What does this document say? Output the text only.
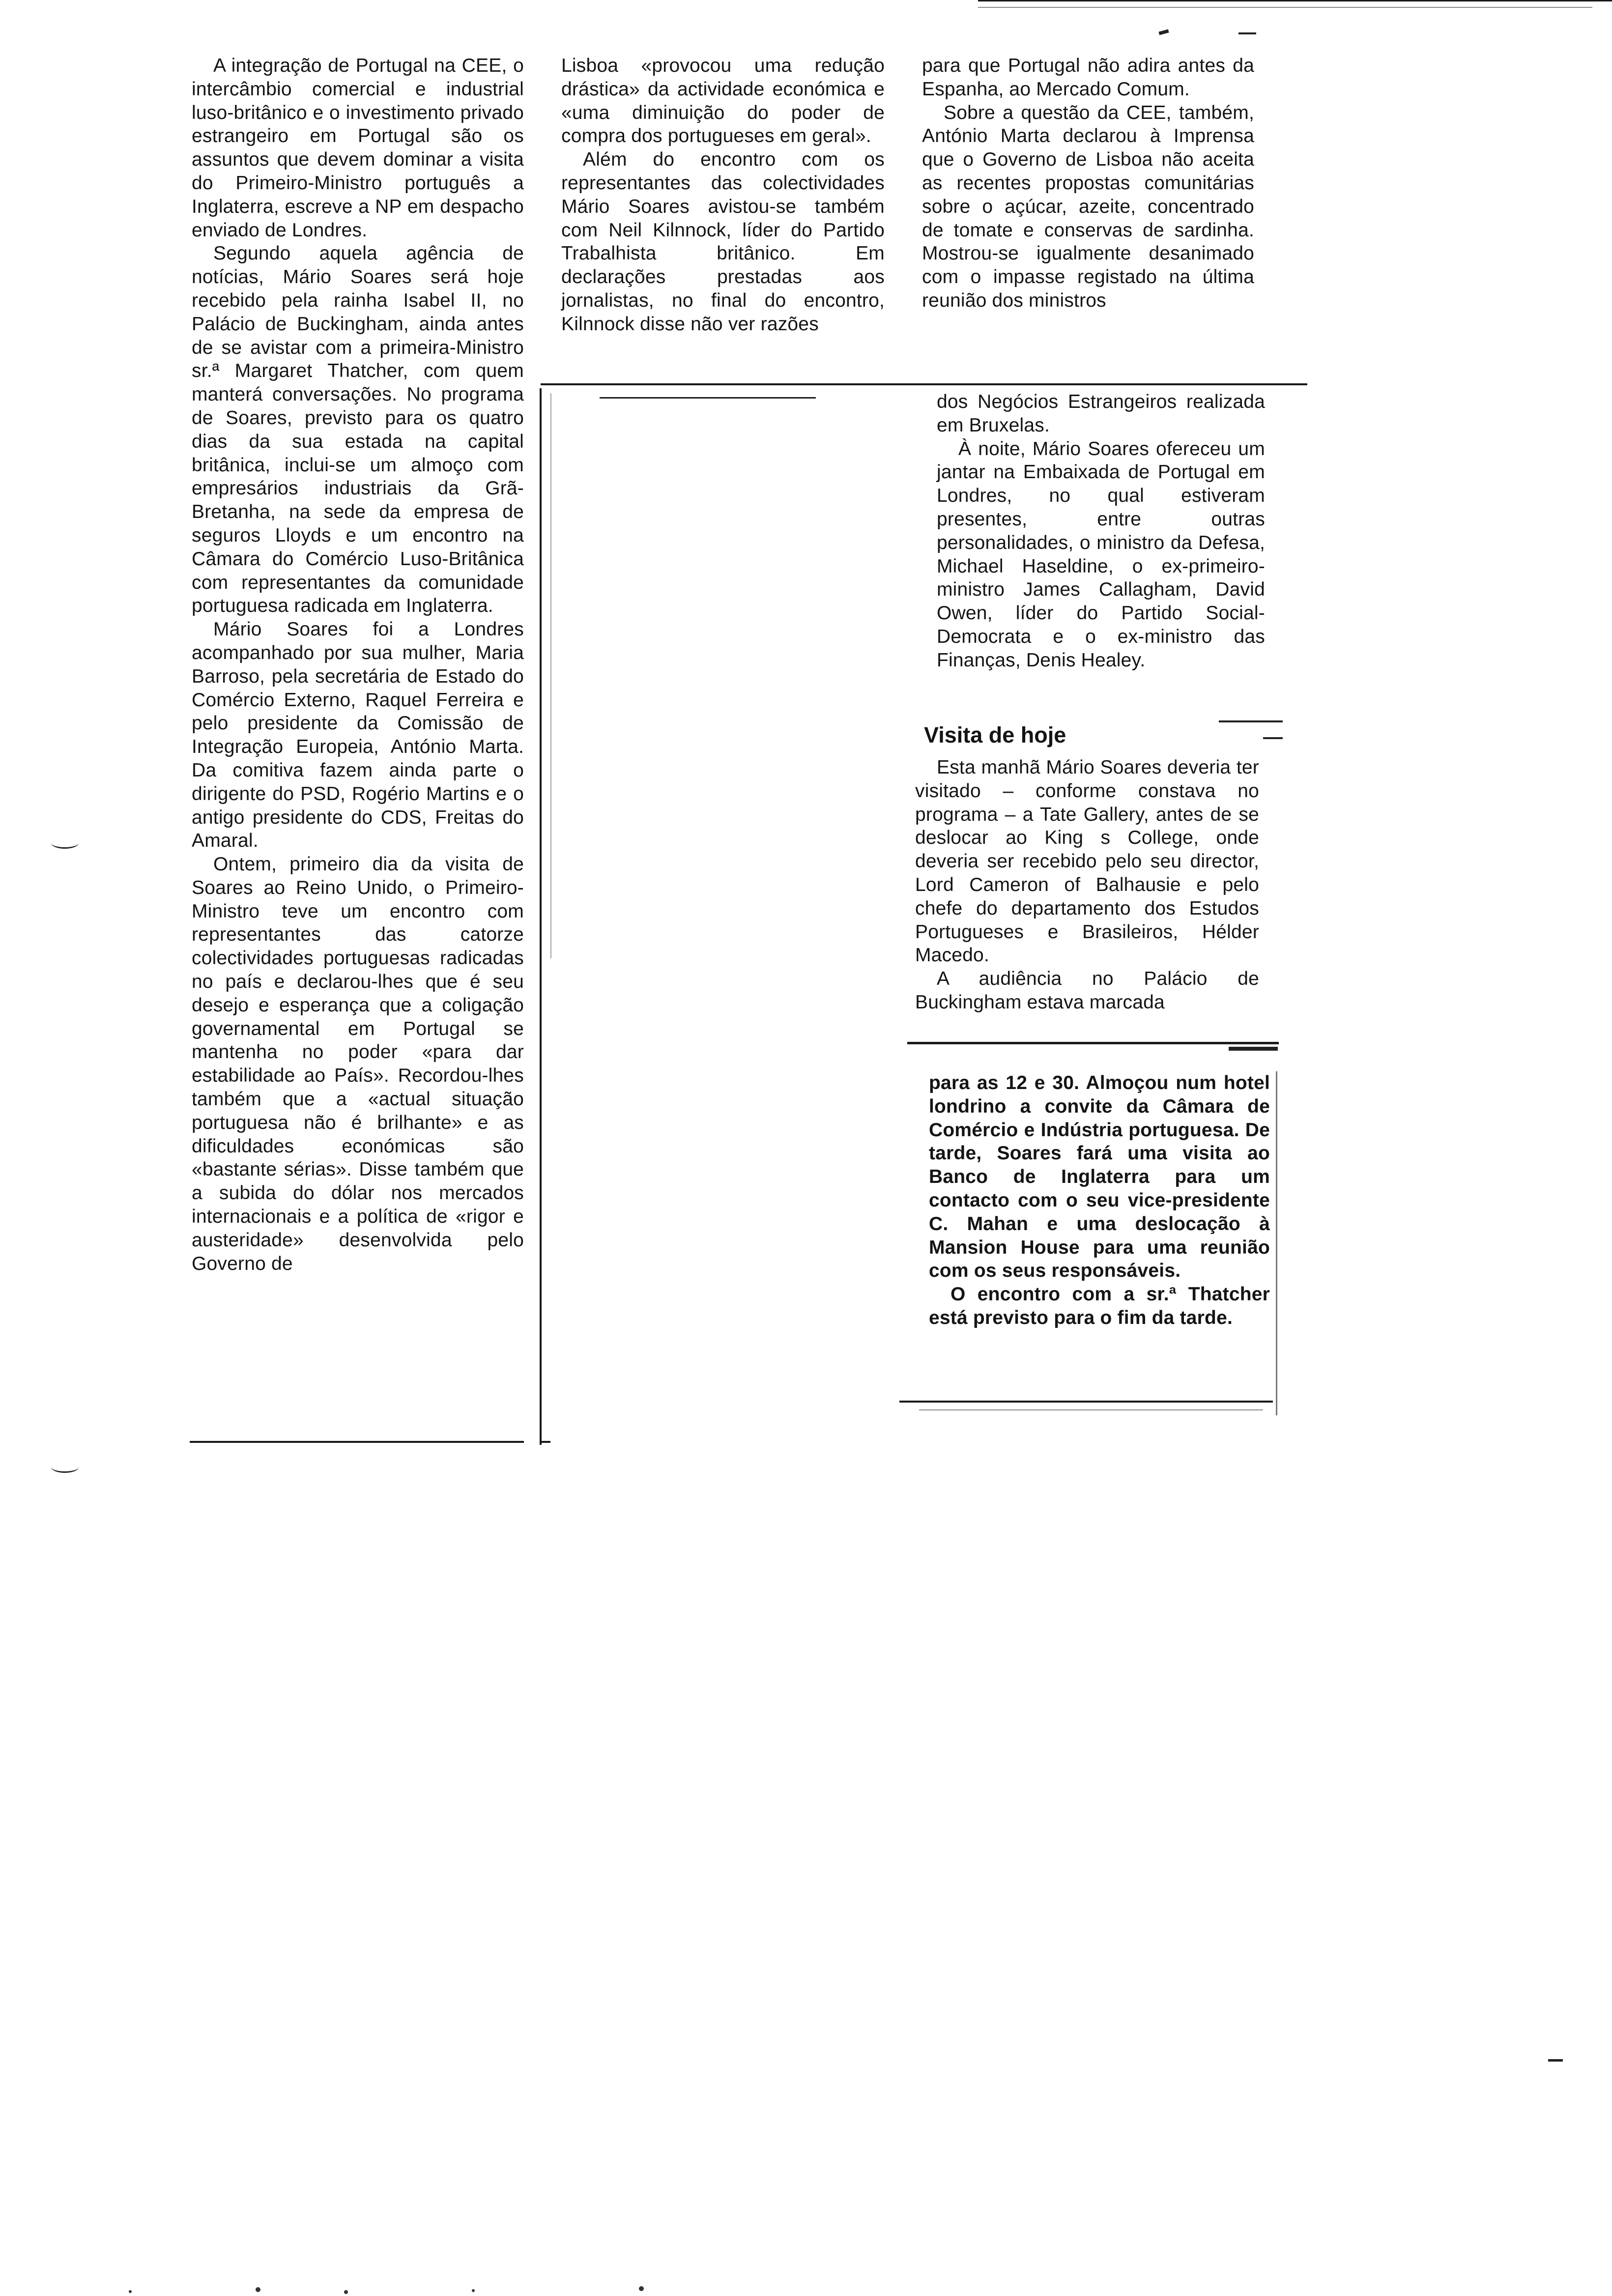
A integração de Portugal na CEE, o intercâmbio comercial e industrial luso-britânico e o investimento privado estrangeiro em Portugal são os assuntos que devem dominar a visita do Primeiro-Ministro português a Inglaterra, escreve a NP em despacho enviado de Londres.

Segundo aquela agência de notícias, Mário Soares será hoje recebido pela rainha Isabel II, no Palácio de Buckingham, ainda antes de se avistar com a primeira-Ministro sr.ª Margaret Thatcher, com quem manterá conversações. No programa de Soares, previsto para os quatro dias da sua estada na capital britânica, inclui-se um almoço com empresários industriais da Grã-Bretanha, na sede da empresa de seguros Lloyds e um encontro na Câmara do Comércio Luso-Britânica com representantes da comunidade portuguesa radicada em Inglaterra.

Mário Soares foi a Londres acompanhado por sua mulher, Maria Barroso, pela secretária de Estado do Comércio Externo, Raquel Ferreira e pelo presidente da Comissão de Integração Europeia, António Marta. Da comitiva fazem ainda parte o dirigente do PSD, Rogério Martins e o antigo presidente do CDS, Freitas do Amaral.

Ontem, primeiro dia da visita de Soares ao Reino Unido, o Primeiro-Ministro teve um encontro com representantes das catorze colectividades portuguesas radicadas no país e declarou-lhes que é seu desejo e esperança que a coligação governamental em Portugal se mantenha no poder «para dar estabilidade ao País». Recordou-lhes também que a «actual situação portuguesa não é brilhante» e as dificuldades económicas são «bastante sérias». Disse também que a subida do dólar nos mercados internacionais e a política de «rigor e austeridade» desenvolvida pelo Governo de

Lisboa «provocou uma redução drástica» da actividade económica e «uma diminuição do poder de compra dos portugueses em geral».

Além do encontro com os representantes das colectividades Mário Soares avistou-se também com Neil Kilnnock, líder do Partido Trabalhista britânico. Em declarações prestadas aos jornalistas, no final do encontro, Kilnnock disse não ver razões

para que Portugal não adira antes da Espanha, ao Mercado Comum.

Sobre a questão da CEE, também, António Marta declarou à Imprensa que o Governo de Lisboa não aceita as recentes propostas comunitárias sobre o açúcar, azeite, concentrado de tomate e conservas de sardinha. Mostrou-se igualmente desanimado com o impasse registado na última reunião dos ministros

dos Negócios Estrangeiros realizada em Bruxelas.

À noite, Mário Soares ofereceu um jantar na Embaixada de Portugal em Londres, no qual estiveram presentes, entre outras personalidades, o ministro da Defesa, Michael Haseldine, o ex-primeiro-ministro James Callagham, David Owen, líder do Partido Social-Democrata e o ex-ministro das Finanças, Denis Healey.

Visita de hoje

Esta manhã Mário Soares deveria ter visitado – conforme constava no programa – a Tate Gallery, antes de se deslocar ao King s College, onde deveria ser recebido pelo seu director, Lord Cameron of Balhausie e pelo chefe do departamento dos Estudos Portugueses e Brasileiros, Hélder Macedo.

A audiência no Palácio de Buckingham estava marcada

para as 12 e 30. Almoçou num hotel londrino a convite da Câmara de Comércio e Indústria portuguesa. De tarde, Soares fará uma visita ao Banco de Inglaterra para um contacto com o seu vice-presidente C. Mahan e uma deslocação à Mansion House para uma reunião com os seus responsáveis.

O encontro com a sr.ª Thatcher está previsto para o fim da tarde.
